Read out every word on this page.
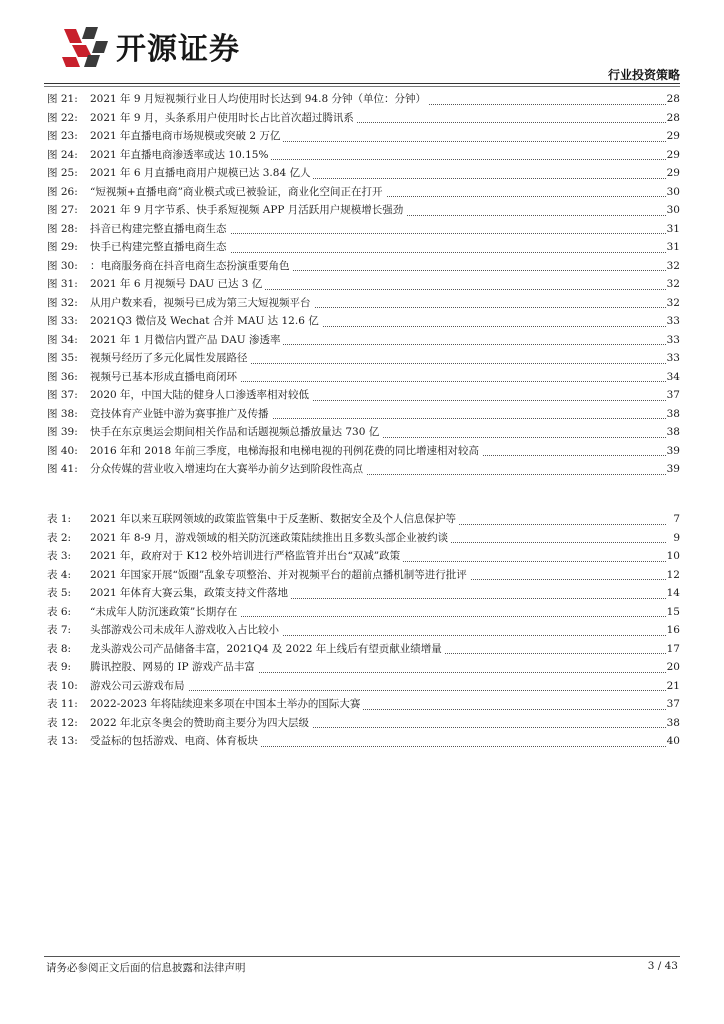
开源证券
行业投资策略
图 21: 2021 年 9 月短视频行业日人均使用时长达到 94.8 分钟（单位：分钟）	28
图 22: 2021 年 9 月，头条系用户使用时长占比首次超过腾讯系	28
图 23: 2021 年直播电商市场规模或突破 2 万亿	29
图 24: 2021 年直播电商渗透率或达 10.15%	29
图 25: 2021 年 6 月直播电商用户规模已达 3.84 亿人	29
图 26: “短视频+直播电商”商业模式或已被验证，商业化空间正在打开	30
图 27: 2021 年 9 月字节系、快手系短视频 APP 月活跃用户规模增长强劲	30
图 28: 抖音已构建完整直播电商生态	31
图 29: 快手已构建完整直播电商生态	31
图 30: ：电商服务商在抖音电商生态扮演重要角色	32
图 31: 2021 年 6 月视频号 DAU 已达 3 亿	32
图 32: 从用户数来看，视频号已成为第三大短视频平台	32
图 33: 2021Q3 微信及 Wechat 合并 MAU 达 12.6 亿	33
图 34: 2021 年 1 月微信内置产品 DAU 渗透率	33
图 35: 视频号经历了多元化属性发展路径	33
图 36: 视频号已基本形成直播电商闭环	34
图 37: 2020 年，中国大陆的健身人口渗透率相对较低	37
图 38: 竞技体育产业链中游为赛事推广及传播	38
图 39: 快手在东京奥运会期间相关作品和话题视频总播放量达 730 亿	38
图 40: 2016 年和 2018 年前三季度，电梯海报和电梯电视的刊例花费的同比增速相对较高	39
图 41: 分众传媒的营业收入增速均在大赛举办前夕达到阶段性高点	39
表 1: 2021 年以来互联网领域的政策监管集中于反垄断、数据安全及个人信息保护等	7
表 2: 2021 年 8-9 月，游戏领域的相关防沉迷政策陆续推出且多数头部企业被约谈	9
表 3: 2021 年，政府对于 K12 校外培训进行严格监管并出台“双减”政策	10
表 4: 2021 年国家开展“饭圈”乱象专项整治、并对视频平台的超前点播机制等进行批评	12
表 5: 2021 年体育大赛云集，政策支持文件落地	14
表 6: “未成年人防沉迷政策”长期存在	15
表 7: 头部游戏公司未成年人游戏收入占比较小	16
表 8: 龙头游戏公司产品储备丰富，2021Q4 及 2022 年上线后有望贡献业绩增量	17
表 9: 腾讯控股、网易的 IP 游戏产品丰富	20
表 10: 游戏公司云游戏布局	21
表 11: 2022-2023 年将陆续迎来多项在中国本土举办的国际大赛	37
表 12: 2022 年北京冬奥会的赞助商主要分为四大层级	38
表 13: 受益标的包括游戏、电商、体育板块	40
请务必参阅正文后面的信息披露和法律声明	3 / 43
